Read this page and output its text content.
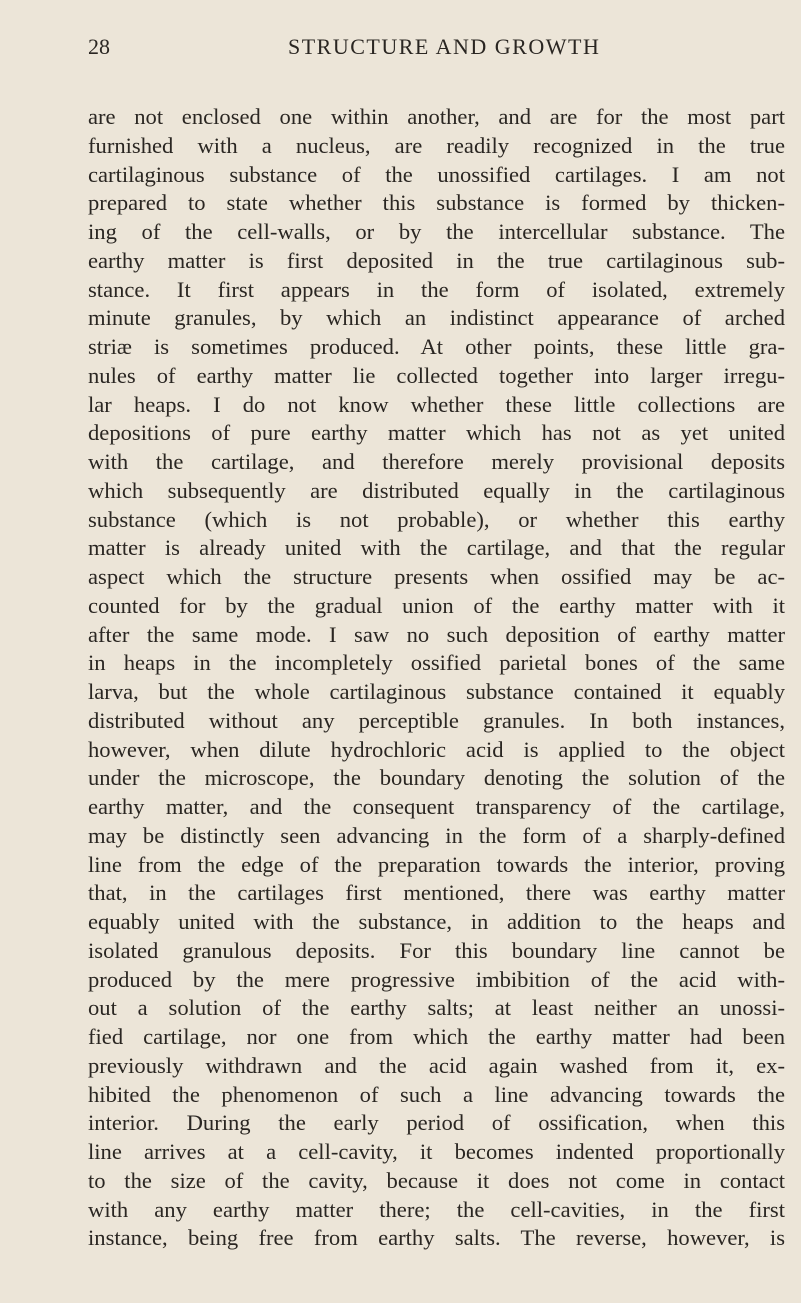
28	STRUCTURE AND GROWTH
are not enclosed one within another, and are for the most part
furnished with a nucleus, are readily recognized in the true
cartilaginous substance of the unossified cartilages. I am not
prepared to state whether this substance is formed by thicken-
ing of the cell-walls, or by the intercellular substance. The
earthy matter is first deposited in the true cartilaginous sub-
stance. It first appears in the form of isolated, extremely
minute granules, by which an indistinct appearance of arched
striæ is sometimes produced. At other points, these little gra-
nules of earthy matter lie collected together into larger irregu-
lar heaps. I do not know whether these little collections are
depositions of pure earthy matter which has not as yet united
with the cartilage, and therefore merely provisional deposits
which subsequently are distributed equally in the cartilaginous
substance (which is not probable), or whether this earthy
matter is already united with the cartilage, and that the regular
aspect which the structure presents when ossified may be ac-
counted for by the gradual union of the earthy matter with it
after the same mode. I saw no such deposition of earthy matter
in heaps in the incompletely ossified parietal bones of the same
larva, but the whole cartilaginous substance contained it equably
distributed without any perceptible granules. In both instances,
however, when dilute hydrochloric acid is applied to the object
under the microscope, the boundary denoting the solution of the
earthy matter, and the consequent transparency of the cartilage,
may be distinctly seen advancing in the form of a sharply-defined
line from the edge of the preparation towards the interior, proving
that, in the cartilages first mentioned, there was earthy matter
equably united with the substance, in addition to the heaps and
isolated granulous deposits. For this boundary line cannot be
produced by the mere progressive imbibition of the acid with-
out a solution of the earthy salts; at least neither an unossi-
fied cartilage, nor one from which the earthy matter had been
previously withdrawn and the acid again washed from it, ex-
hibited the phenomenon of such a line advancing towards the
interior. During the early period of ossification, when this
line arrives at a cell-cavity, it becomes indented proportionally
to the size of the cavity, because it does not come in contact
with any earthy matter there; the cell-cavities, in the first
instance, being free from earthy salts. The reverse, however, is
